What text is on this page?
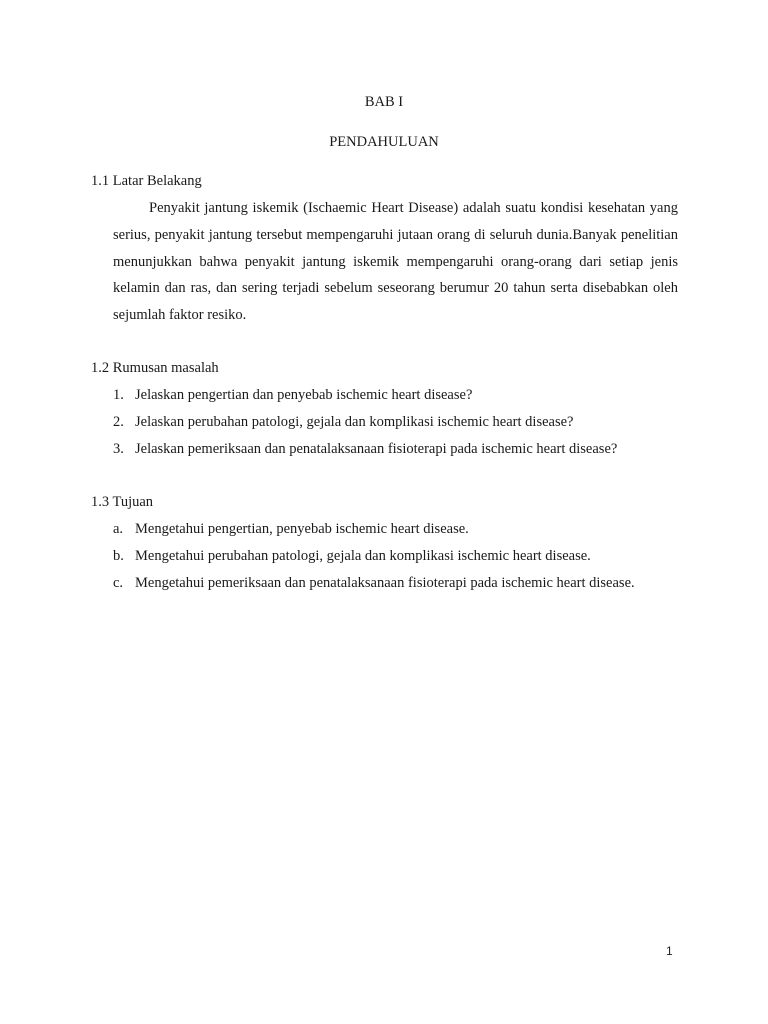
BAB I
PENDAHULUAN
1.1 Latar Belakang

Penyakit jantung iskemik (Ischaemic Heart Disease) adalah suatu kondisi kesehatan yang serius, penyakit jantung tersebut mempengaruhi jutaan orang di seluruh dunia.Banyak penelitian menunjukkan bahwa penyakit jantung iskemik mempengaruhi orang-orang dari setiap jenis kelamin dan ras, dan sering terjadi sebelum seseorang berumur 20 tahun serta disebabkan oleh sejumlah faktor resiko.

1.2 Rumusan masalah
1. Jelaskan pengertian dan penyebab ischemic heart disease?
2. Jelaskan perubahan patologi, gejala dan komplikasi ischemic heart disease?
3. Jelaskan pemeriksaan dan penatalaksanaan fisioterapi pada ischemic heart disease?
1.3 Tujuan
a. Mengetahui pengertian, penyebab ischemic heart disease.
b. Mengetahui perubahan patologi, gejala dan komplikasi ischemic heart disease.
c. Mengetahui pemeriksaan dan penatalaksanaan fisioterapi pada ischemic heart disease.
1
